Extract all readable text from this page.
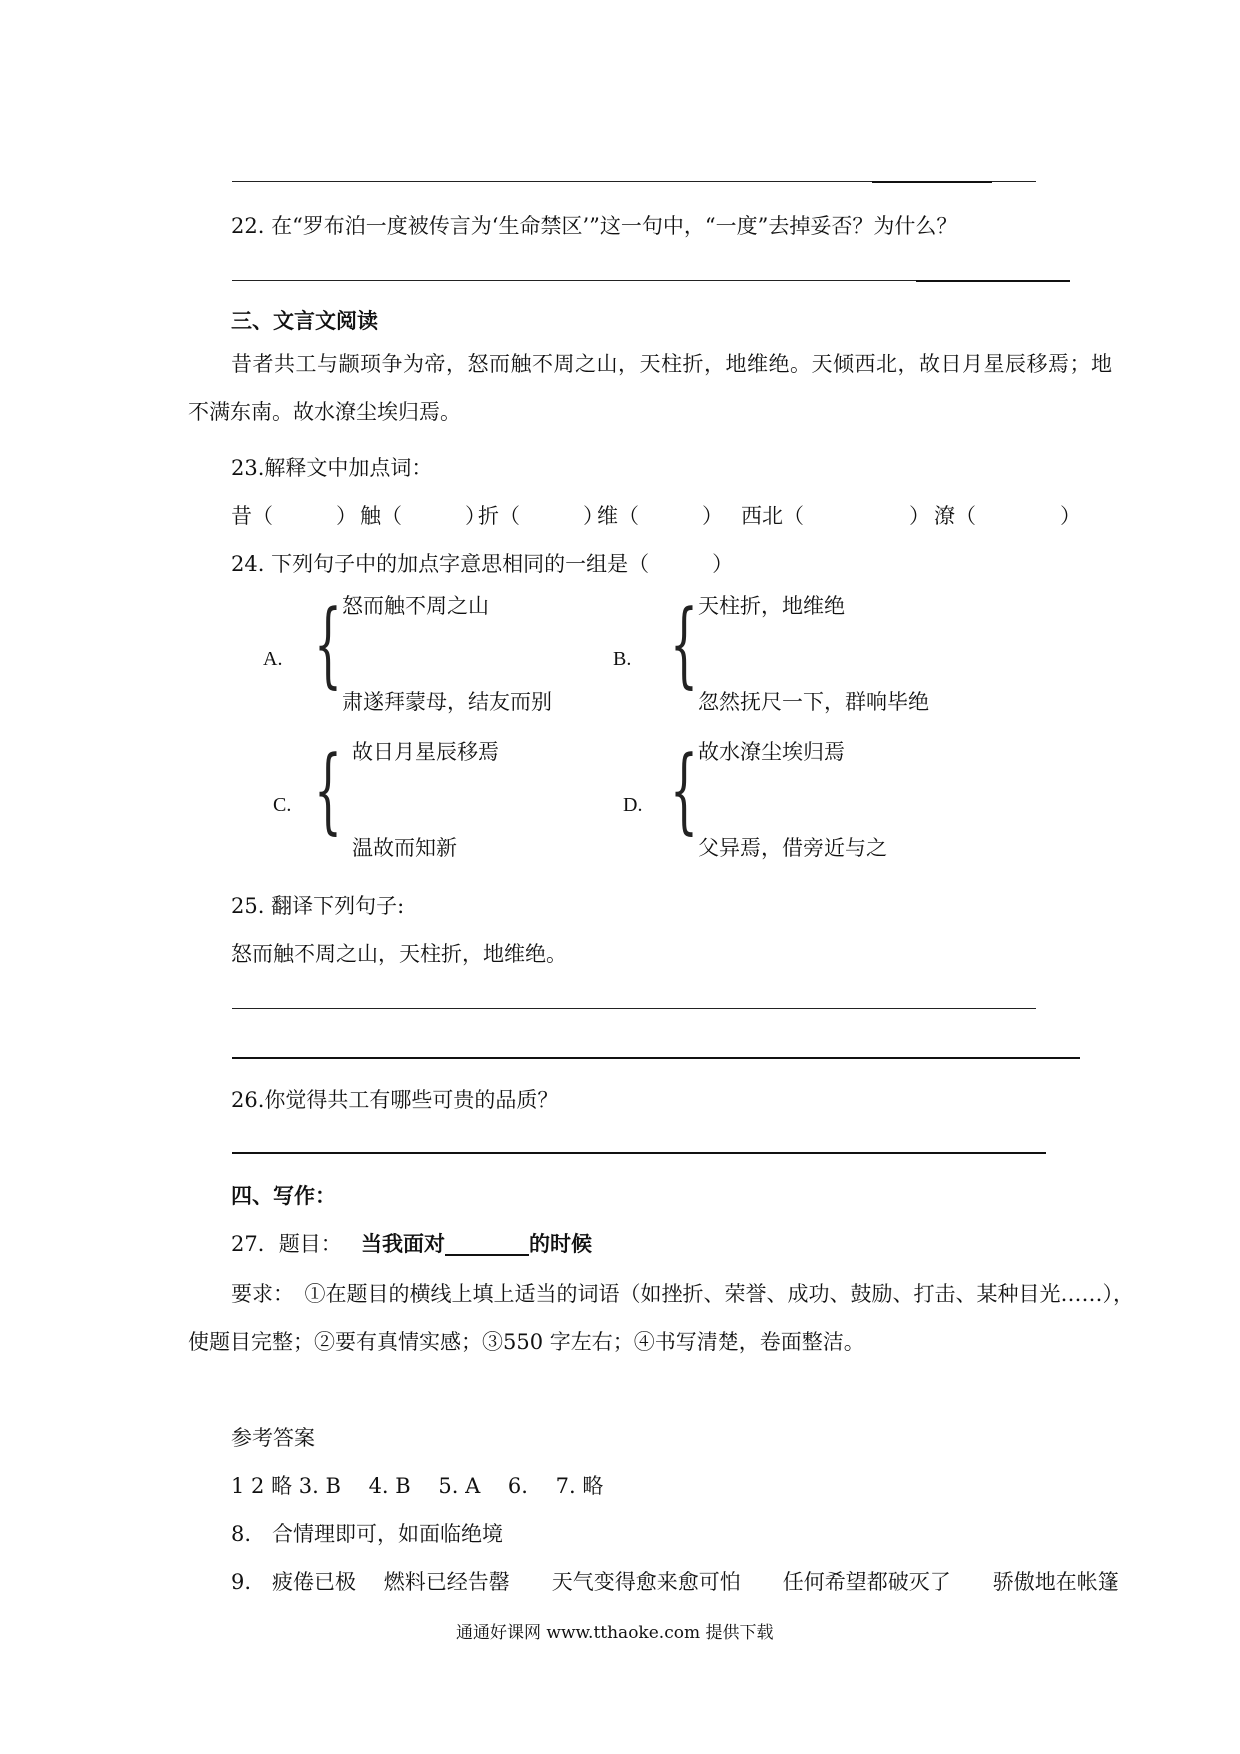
22. 在“罗布泊一度被传言为‘生命禁区’”这一句中，“一度”去掉妥否？为什么？
三、文言文阅读
昔者共工与颛顼争为帝，怒而触不周之山，天柱折，地维绝。天倾西北，故日月星辰移焉；地
不满东南。故水潦尘埃归焉。
23.解释文中加点词：
昔（　　　） 触（　　　）
折（　　　）
维（　　　） 西北（　　　　　） 潦（　　　　）
24. 下列句子中的加点字意思相同的一组是（　　　）
A. { 怒而触不周之山
肃遂拜蒙母，结友而别
B. { 天柱折，地维绝
忽然抚尺一下，群响毕绝
C. { 故日月星辰移焉
温故而知新
D. { 故水潦尘埃归焉
父异焉，借旁近与之
25. 翻译下列句子:
怒而触不周之山，天柱折，地维绝。
26.你觉得共工有哪些可贵的品质？
四、写作：
27．题目： 当我面对________的时候
要求：　①在题目的横线上填上适当的词语（如挫折、荣誉、成功、鼓励、打击、某种目光……），
使题目完整；②要有真情实感；③550 字左右；④书写清楚，卷面整洁。
参考答案
1 2 略 3. B　 4. B　 5. A　 6.　 7. 略
8.　合情理即可，如面临绝境
9.　疲倦已极　 燃料已经告罄　　天气变得愈来愈可怕　　任何希望都破灭了　　骄傲地在帐篷
通通好课网 www.tthaoke.com 提供下载
